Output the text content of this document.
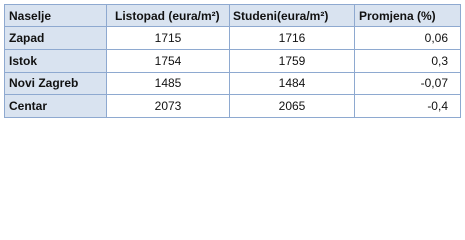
Naselje	Listopad (eura/m²)	Studeni(eura/m²)	Promjena (%)
Zapad	1715	1716	0,06
Istok	1754	1759	0,3
Novi Zagreb	1485	1484	-0,07
Centar	2073	2065	-0,4
